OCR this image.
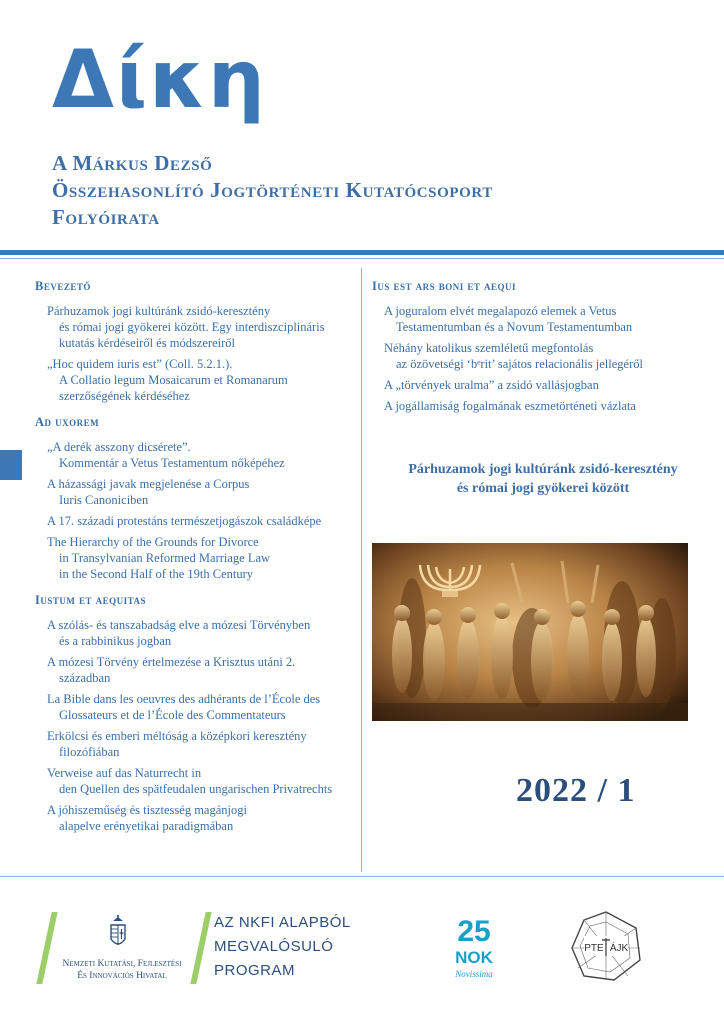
Δίκη
A Márkus Dezső
Összehasonlító Jogtörténeti Kutatócsoport
Folyóirata
Bevezető
Párhuzamok jogi kultúránk zsidó-keresztény
és római jogi gyökerei között. Egy interdiszciplináris
kutatás kérdéseiről és módszereiről
„Hoc quidem iuris est” (Coll. 5.2.1.).
A Collatio legum Mosaicarum et Romanarum
szerzőségének kérdéséhez
Ad uxorem
„A derék asszony dicsérete”.
Kommentár a Vetus Testamentum nőképéhez
A házassági javak megjelenése a Corpus
Iuris Canoniciben
A 17. századi protestáns természetjogászok családképe
The Hierarchy of the Grounds for Divorce
in Transylvanian Reformed Marriage Law
in the Second Half of the 19th Century
Iustum et aequitas
A szólás- és tanszabadság elve a mózesi Törvényben
és a rabbinikus jogban
A mózesi Törvény értelmezése a Krisztus utáni 2.
században
La Bible dans les oeuvres des adhérants de l’École des
Glossateurs et de l’École des Commentateurs
Erkölcsi és emberi méltóság a középkori keresztény
filozófiában
Verweise auf das Naturrecht in
den Quellen des spätfeudalen ungarischen Privatrechts
A jóhiszeműség és tisztesség magánjogi
alapelve erényetikai paradigmában
Ius est ars boni et aequi
A joguralom elvét megalapozó elemek a Vetus
Testamentumban és a Novum Testamentumban
Néhány katolikus szemléletű megfontolás
az özövetségi ‘bᵉrit’ sajátos relacionális jellegéről
A „törvények uralma” a zsidó vallásjogban
A jogállamiság fogalmának eszmetörténeti vázlata
Párhuzamok jogi kultúránk zsidó-keresztény
és római jogi gyökerei között
2022 / 1
Nemzeti Kutatási, Fejlesztési
És Innovációs Hivatal
AZ NKFI ALAPBÓL
MEGVALÓSULÓ
PROGRAM
25
NOK
Novissima
PTE ÁJK
